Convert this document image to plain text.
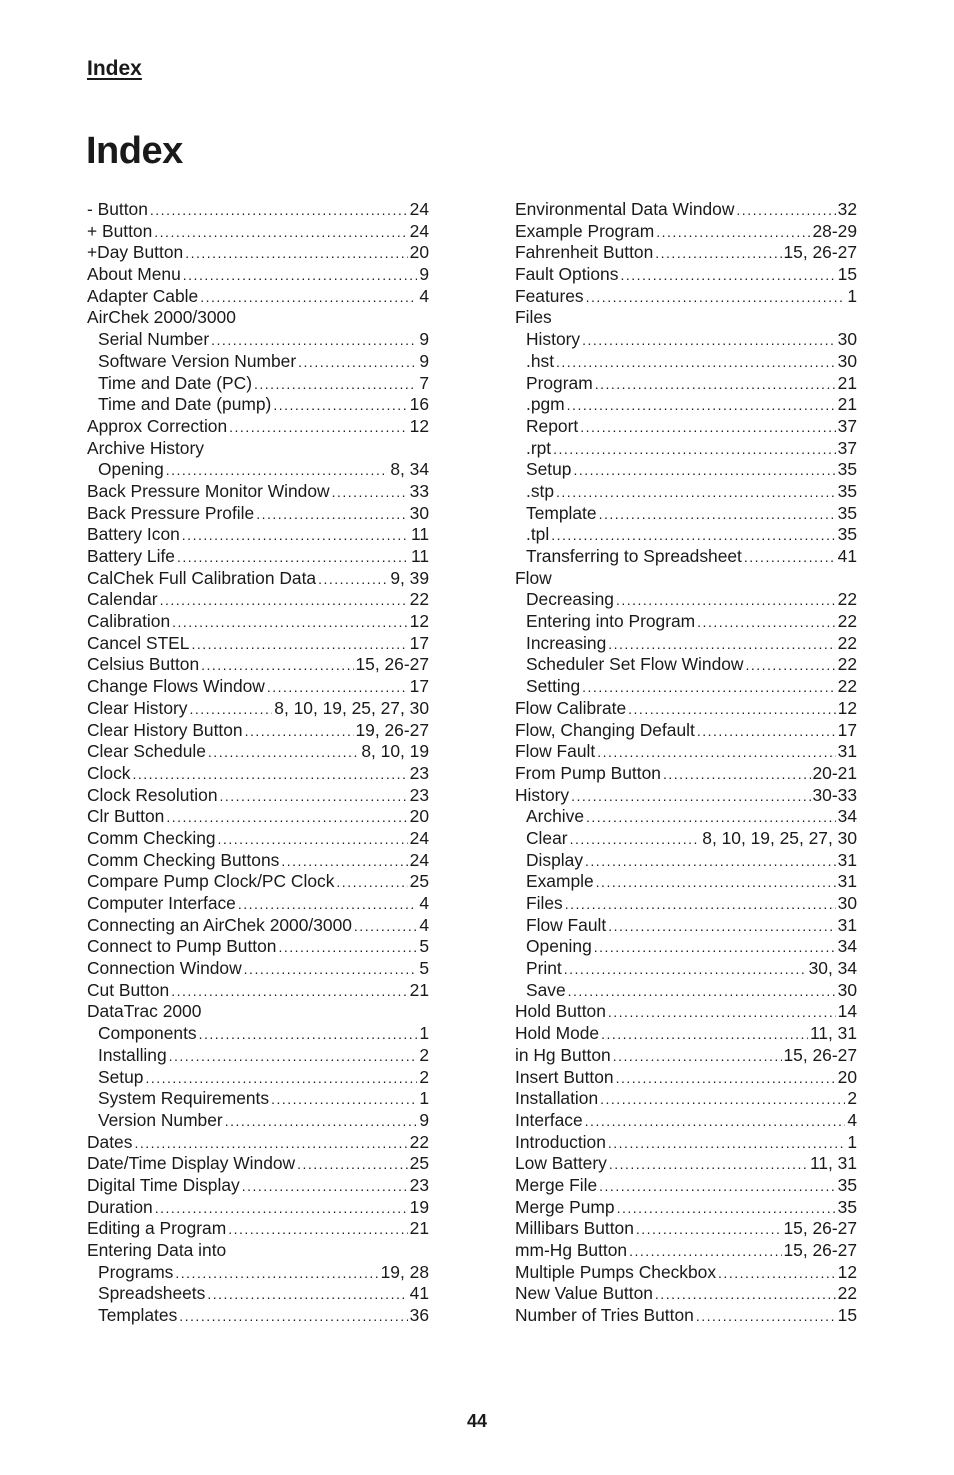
Index
Index
- Button .....	24
+ Button .....	24
+Day Button .....	20
About Menu .....	9
Adapter Cable .....	4
AirChek 2000/3000
Serial Number .....	9
Software Version Number .....	9
Time and Date (PC) .....	7
Time and Date (pump) .....	16
Approx Correction .....	12
Archive History
Opening .....	8, 34
Back Pressure Monitor Window .....	33
Back Pressure Profile .....	30
Battery Icon .....	11
Battery Life .....	11
CalChek Full Calibration Data .....	9, 39
Calendar .....	22
Calibration .....	12
Cancel STEL .....	17
Celsius Button .....	15, 26-27
Change Flows Window .....	17
Clear History .....	8, 10, 19, 25, 27, 30
Clear History Button .....	19, 26-27
Clear Schedule .....	8, 10, 19
Clock .....	23
Clock Resolution .....	23
Clr Button .....	20
Comm Checking .....	24
Comm Checking Buttons .....	24
Compare Pump Clock/PC Clock .....	25
Computer Interface .....	4
Connecting an AirChek 2000/3000 .....	4
Connect to Pump Button .....	5
Connection Window .....	5
Cut Button .....	21
DataTrac 2000
Components .....	1
Installing .....	2
Setup .....	2
System Requirements .....	1
Version Number .....	9
Dates .....	22
Date/Time Display Window .....	25
Digital Time Display .....	23
Duration .....	19
Editing a Program .....	21
Entering Data into
Programs .....	19, 28
Spreadsheets .....	41
Templates .....	36
Environmental Data Window .....	32
Example Program .....	28-29
Fahrenheit Button .....	15, 26-27
Fault Options .....	15
Features .....	1
Files
History .....	30
.hst .....	30
Program .....	21
.pgm .....	21
Report .....	37
.rpt .....	37
Setup .....	35
.stp .....	35
Template .....	35
.tpl .....	35
Transferring to Spreadsheet .....	41
Flow
Decreasing .....	22
Entering into Program .....	22
Increasing .....	22
Scheduler Set Flow Window .....	22
Setting .....	22
Flow Calibrate .....	12
Flow, Changing Default .....	17
Flow Fault .....	31
From Pump Button .....	20-21
History .....	30-33
Archive .....	34
Clear .....	8, 10, 19, 25, 27, 30
Display .....	31
Example .....	31
Files .....	30
Flow Fault .....	31
Opening .....	34
Print .....	30, 34
Save .....	30
Hold Button .....	14
Hold Mode .....	11, 31
in Hg Button .....	15, 26-27
Insert Button .....	20
Installation .....	2
Interface .....	4
Introduction .....	1
Low Battery .....	11, 31
Merge File .....	35
Merge Pump .....	35
Millibars Button .....	15, 26-27
mm-Hg Button .....	15, 26-27
Multiple Pumps Checkbox .....	12
New Value Button .....	22
Number of Tries Button .....	15
44
